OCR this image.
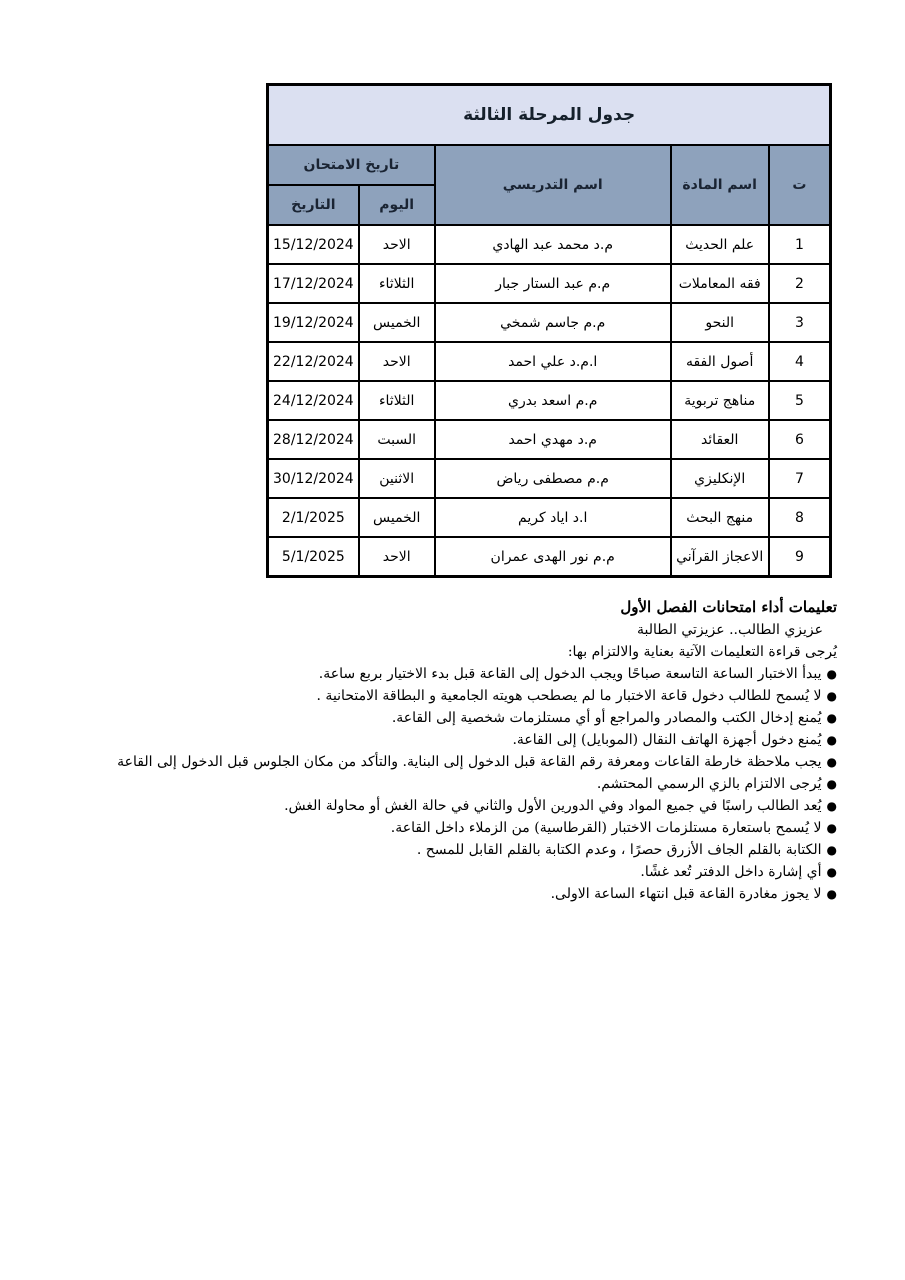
جدول المرحلة الثالثة				
ت	اسم المادة	اسم التدريسي	تاريخ الامتحان	
			اليوم	التاريخ
1	علم الحديث	م.د محمد عبد الهادي	الاحد	15/12/2024
2	فقه المعاملات	م.م عبد الستار جبار	الثلاثاء	17/12/2024
3	النحو	م.م جاسم شمخي	الخميس	19/12/2024
4	أصول الفقه	ا.م.د علي احمد	الاحد	22/12/2024
5	مناهج تربوية	م.م اسعد بدري	الثلاثاء	24/12/2024
6	العقائد	م.د مهدي احمد	السبت	28/12/2024
7	الإنكليزي	م.م مصطفى رياض	الاثنين	30/12/2024
8	منهج البحث	ا.د اياد كريم	الخميس	2/1/2025
9	الاعجاز القرآني	م.م نور الهدى عمران	الاحد	5/1/2025

تعليمات أداء امتحانات الفصل الأول

عزيزي الطالب.. عزيزتي الطالبة

يُرجى قراءة التعليمات الآتية بعناية والالتزام بها:

●
يبدأ الاختبار الساعة التاسعة صباحًا ويجب الدخول إلى القاعة قبل بدء الاختيار بربع ساعة.
●
لا يُسمح للطالب دخول قاعة الاختبار ما لم يصطحب هويته الجامعية و البطاقة الامتحانية .
●
يُمنع إدخال الكتب والمصادر والمراجع أو أي مستلزمات شخصية إلى القاعة.
●
يُمنع دخول أجهزة الهاتف النقال (الموبايل) إلى القاعة.
●
يجب ملاحظة خارطة القاعات ومعرفة رقم القاعة قبل الدخول إلى البناية. والتأكد من مكان الجلوس قبل الدخول إلى القاعة
●
يُرجى الالتزام بالزي الرسمي المحتشم.
●
يُعد الطالب راسبًا في جميع المواد وفي الدورين الأول والثاني في حالة الغش أو محاولة الغش.
●
لا يُسمح باستعارة مستلزمات الاختبار (القرطاسية) من الزملاء داخل القاعة.
●
الكتابة بالقلم الجاف الأزرق حصرًا ، وعدم الكتابة بالقلم القابل للمسح .
●
أي إشارة داخل الدفتر تُعد غشًا.
●
لا يجوز مغادرة القاعة قبل انتهاء الساعة الاولى.
